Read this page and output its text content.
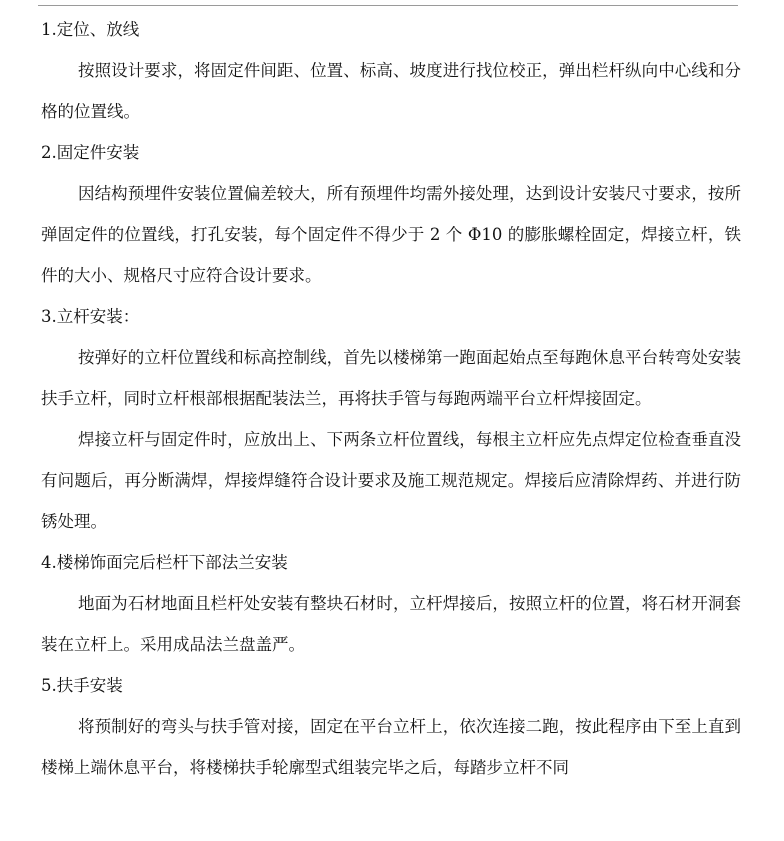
1.定位、放线

按照设计要求，将固定件间距、位置、标高、坡度进行找位校正，弹出栏杆纵向中心线和分格的位置线。

2.固定件安装

因结构预埋件安装位置偏差较大，所有预埋件均需外接处理，达到设计安装尺寸要求，按所弹固定件的位置线，打孔安装，每个固定件不得少于 2 个 Φ10 的膨胀螺栓固定，焊接立杆，铁件的大小、规格尺寸应符合设计要求。

3.立杆安装：

按弹好的立杆位置线和标高控制线，首先以楼梯第一跑面起始点至每跑休息平台转弯处安装扶手立杆，同时立杆根部根据配装法兰，再将扶手管与每跑两端平台立杆焊接固定。

焊接立杆与固定件时，应放出上、下两条立杆位置线，每根主立杆应先点焊定位检查垂直没有问题后，再分断满焊，焊接焊缝符合设计要求及施工规范规定。焊接后应清除焊药、并进行防锈处理。

4.楼梯饰面完后栏杆下部法兰安装

地面为石材地面且栏杆处安装有整块石材时，立杆焊接后，按照立杆的位置，将石材开洞套装在立杆上。采用成品法兰盘盖严。

5.扶手安装

将预制好的弯头与扶手管对接，固定在平台立杆上，依次连接二跑，按此程序由下至上直到楼梯上端休息平台，将楼梯扶手轮廓型式组装完毕之后，每踏步立杆不同
